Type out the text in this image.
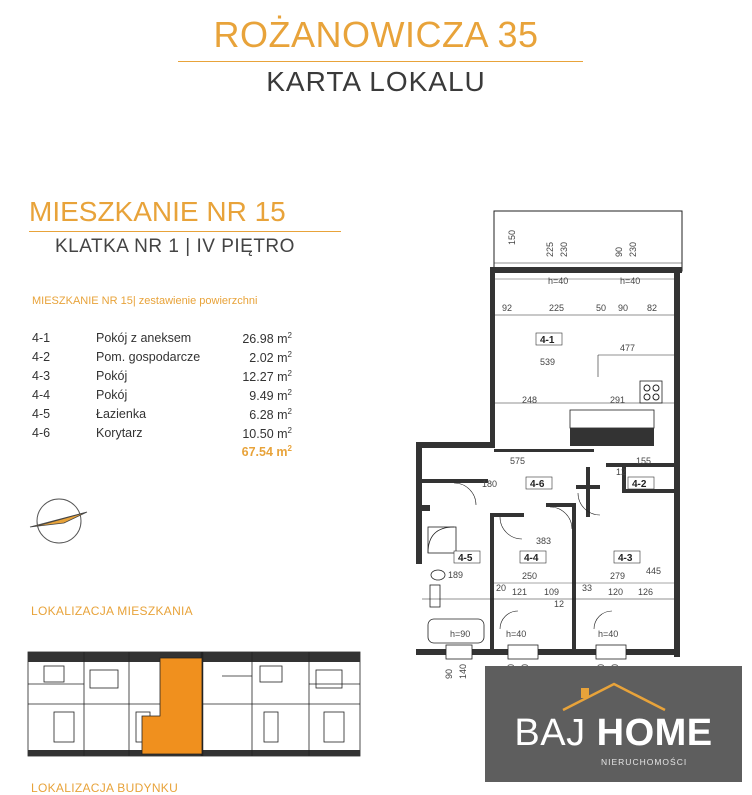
ROŻANOWICZA 35
KARTA LOKALU
MIESZKANIE NR 15
KLATKA NR 1 | IV PIĘTRO
MIESZKANIE NR 15| zestawienie powierzchni
4-1	Pokój z aneksem	26.98 $m^2$
4-2	Pom. gospodarcze	2.02 $m^2$
4-3	Pokój	12.27 $m^2$
4-4	Pokój	9.49 $m^2$
4-5	Łazienka	6.28 $m^2$
4-6	Korytarz	10.50 $m^2$
67.54 $m^2$
4-1
4-2
4-3
4-4
4-5
4-6
150
225 230	90 230
h=40	h=40
92	225	50 90 82
477
539
248	291
575	155
12
180
383
189	250	279 445
20 121 109	33 120 126
12
h=90	h=40	h=40
90 140
LOKALIZACJA MIESZKANIA
LOKALIZACJA BUDYNKU
BAJ HOME
NIERUCHOMOŚCI
